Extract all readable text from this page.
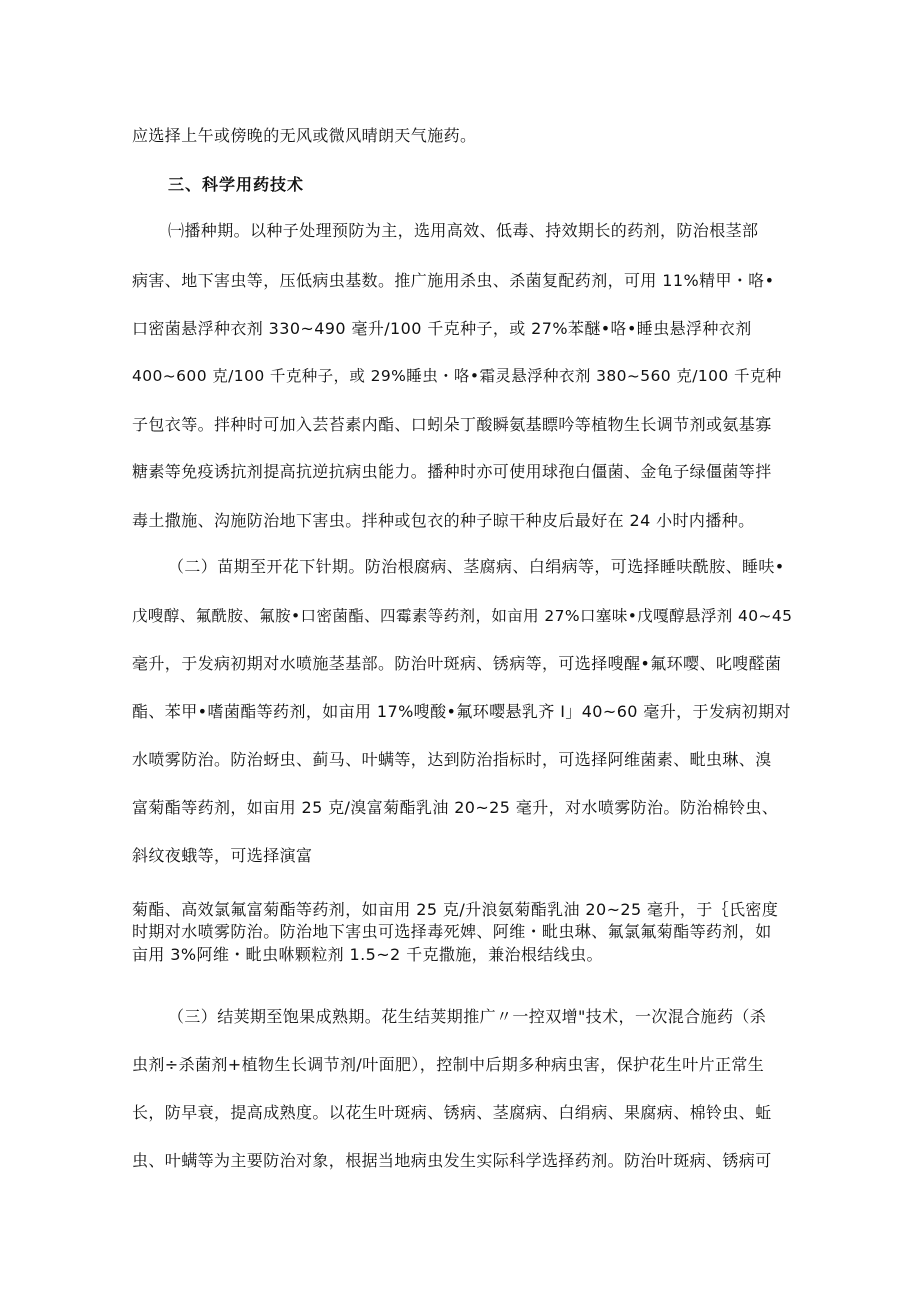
应选择上午或傍晚的无风或微风晴朗天气施药。
三、科学用药技术
㈠播种期。以种子处理预防为主，选用高效、低毒、持效期长的药剂，防治根茎部
病害、地下害虫等，压低病虫基数。推广施用杀虫、杀菌复配药剂，可用 11%精甲・咯•
口密菌悬浮种衣剂 330~490 毫升/100 千克种子，或 27%苯醚•咯•睡虫悬浮种衣剂
400~600 克/100 千克种子，或 29%睡虫・咯•霜灵悬浮种衣剂 380~560 克/100 千克种
子包衣等。拌种时可加入芸苔素内酯、口蚓朵丁酸瞬氨基瞟吟等植物生长调节剂或氨基寡
糖素等免疫诱抗剂提高抗逆抗病虫能力。播种时亦可使用球孢白僵菌、金龟子绿僵菌等拌
毒土撒施、沟施防治地下害虫。拌种或包衣的种子晾干种皮后最好在 24 小时内播种。
（二）苗期至开花下针期。防治根腐病、茎腐病、白绢病等，可选择睡呋酰胺、睡呋•
戊嗖醇、氟酰胺、氟胺•口密菌酯、四霉素等药剂，如亩用 27%口塞味•戊嘎醇悬浮剂 40~45
毫升，于发病初期对水喷施茎基部。防治叶斑病、锈病等，可选择嗖醒•氟环嘤、叱嗖醛菌
酯、苯甲•嗜菌酯等药剂，如亩用 17%嗖酸•氟环嘤悬乳齐 I」40~60 毫升，于发病初期对
水喷雾防治。防治蚜虫、蓟马、叶螨等，达到防治指标时，可选择阿维菌素、毗虫琳、溴
富菊酯等药剂，如亩用 25 克/溴富菊酯乳油 20~25 毫升，对水喷雾防治。防治棉铃虫、
斜纹夜蛾等，可选择演富
菊酯、高效氯氟富菊酯等药剂，如亩用 25 克/升浪氨菊酯乳油 20~25 毫升，于｛氏密度
时期对水喷雾防治。防治地下害虫可选择毒死婢、阿维・毗虫琳、氟氯氟菊酯等药剂，如
亩用 3%阿维・毗虫咻颗粒剂 1.5~2 千克撒施，兼治根结线虫。
（三）结荚期至饱果成熟期。花生结荚期推广〃一控双增"技术，一次混合施药（杀
虫剂÷杀菌剂+植物生长调节剂/叶面肥），控制中后期多种病虫害，保护花生叶片正常生
长，防早衰，提高成熟度。以花生叶斑病、锈病、茎腐病、白绢病、果腐病、棉铃虫、蚯
虫、叶螨等为主要防治对象，根据当地病虫发生实际科学选择药剂。防治叶斑病、锈病可
